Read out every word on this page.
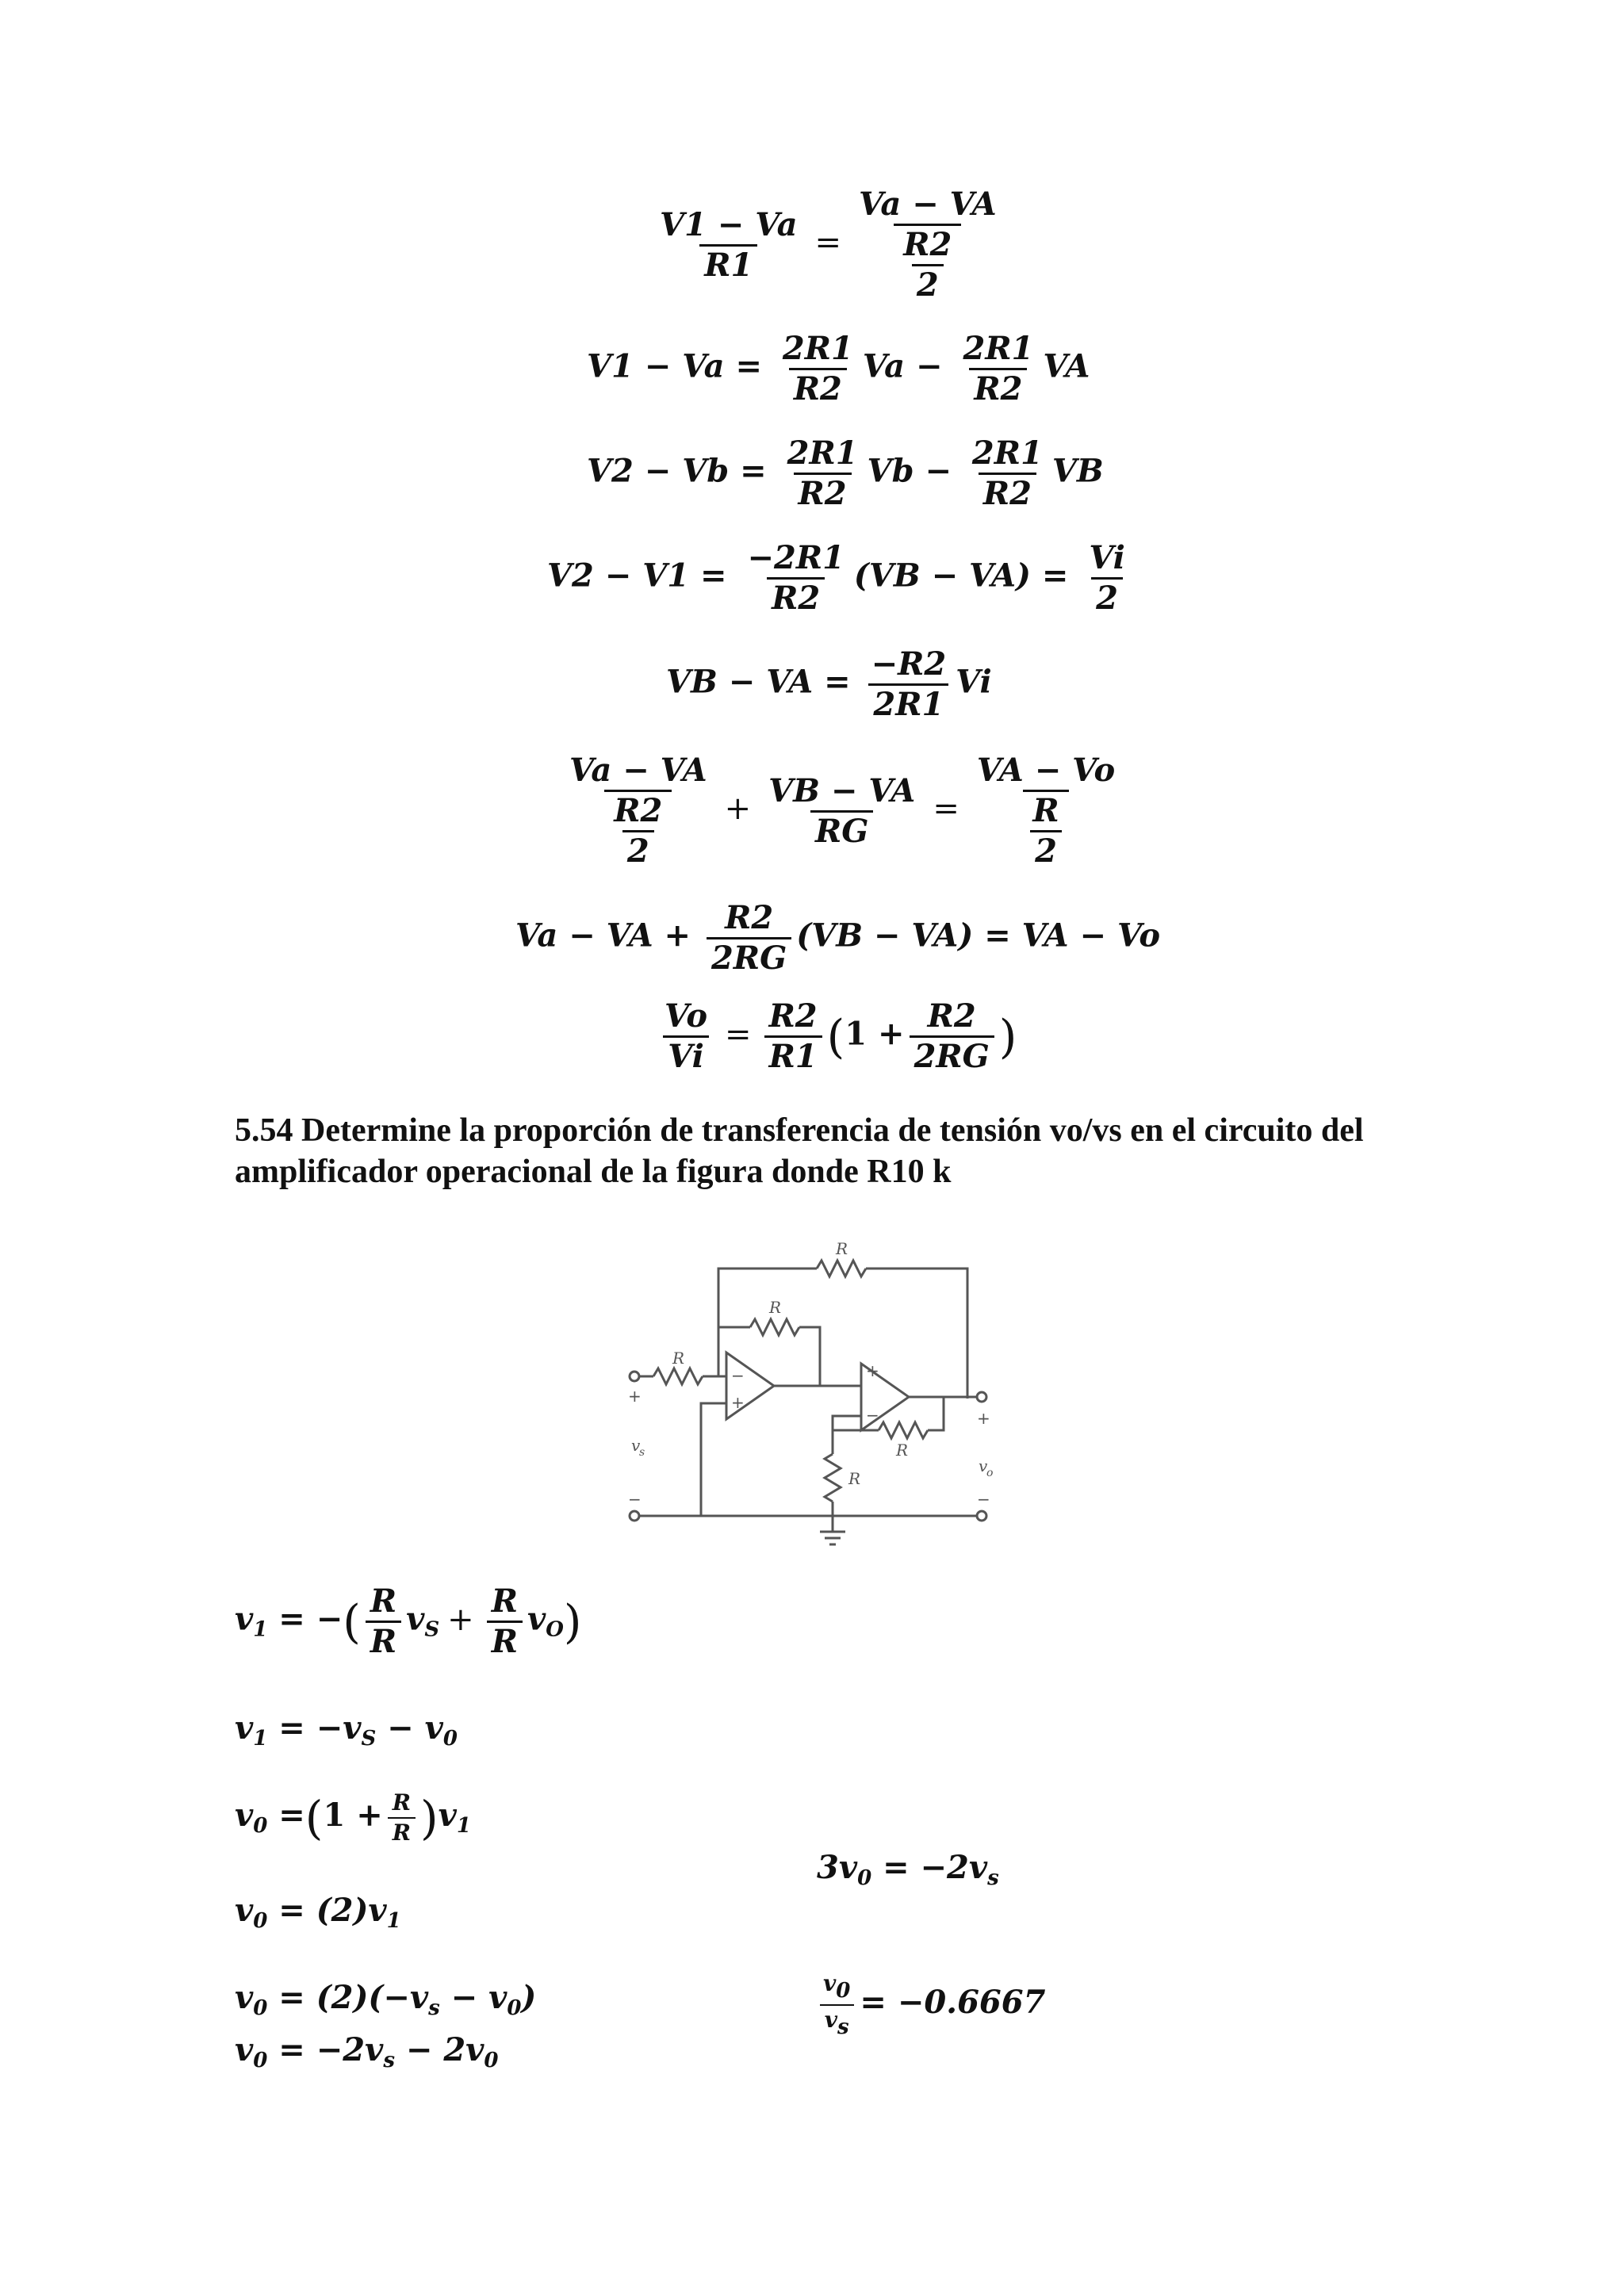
$\frac{V1 - Va}{R1} = \frac{Va - VA}{\frac{R2}{2}}$
$V1 - Va = \frac{2R1}{R2}$ $Va - \frac{2R1}{R2}$ VA
$V2 - Vb = \frac{2R1}{R2}$ $Vb - \frac{2R1}{R2}$ VB
$V2 - V1 = \frac{-2R1}{R2} (VB - VA) = \frac{Vi}{2}$
VB − VA = $\frac{-R2}{2R1}$ Vi
$\frac{Va - VA}{\frac{R2}{2}} + \frac{VB - VA}{RG} = \frac{VA - Vo}{\frac{R}{2}}$
Va − VA + $\frac{R2}{2RG} (VB - VA)$ = VA − Vo
$\frac{Vo}{Vi} = \frac{R2}{R1} (1 + \frac{R2}{2RG}$ )
5.54 Determine la proporción de transferencia de tensión vo/vs en el circuito del amplificador operacional de la figura donde R10 k
R
R
R
R
R
v
s
v
o
+
−
+
−
−
+
+
−
$v_1$ = −( $\frac{R}{R} v_S + \frac{R}{R} v_O$)
$v_1 = -v_S - v_0$
$v_0 =(1 + \frac{R}{R} )v_1$
$v_0 = (2)v_1$
$v_0 = (2)(-v_s - v_0)$
$v_0 = -2v_s - 2v_0$
$3v_0 = -2v_s$
$\frac{v0}{vs} = -0.6667$
